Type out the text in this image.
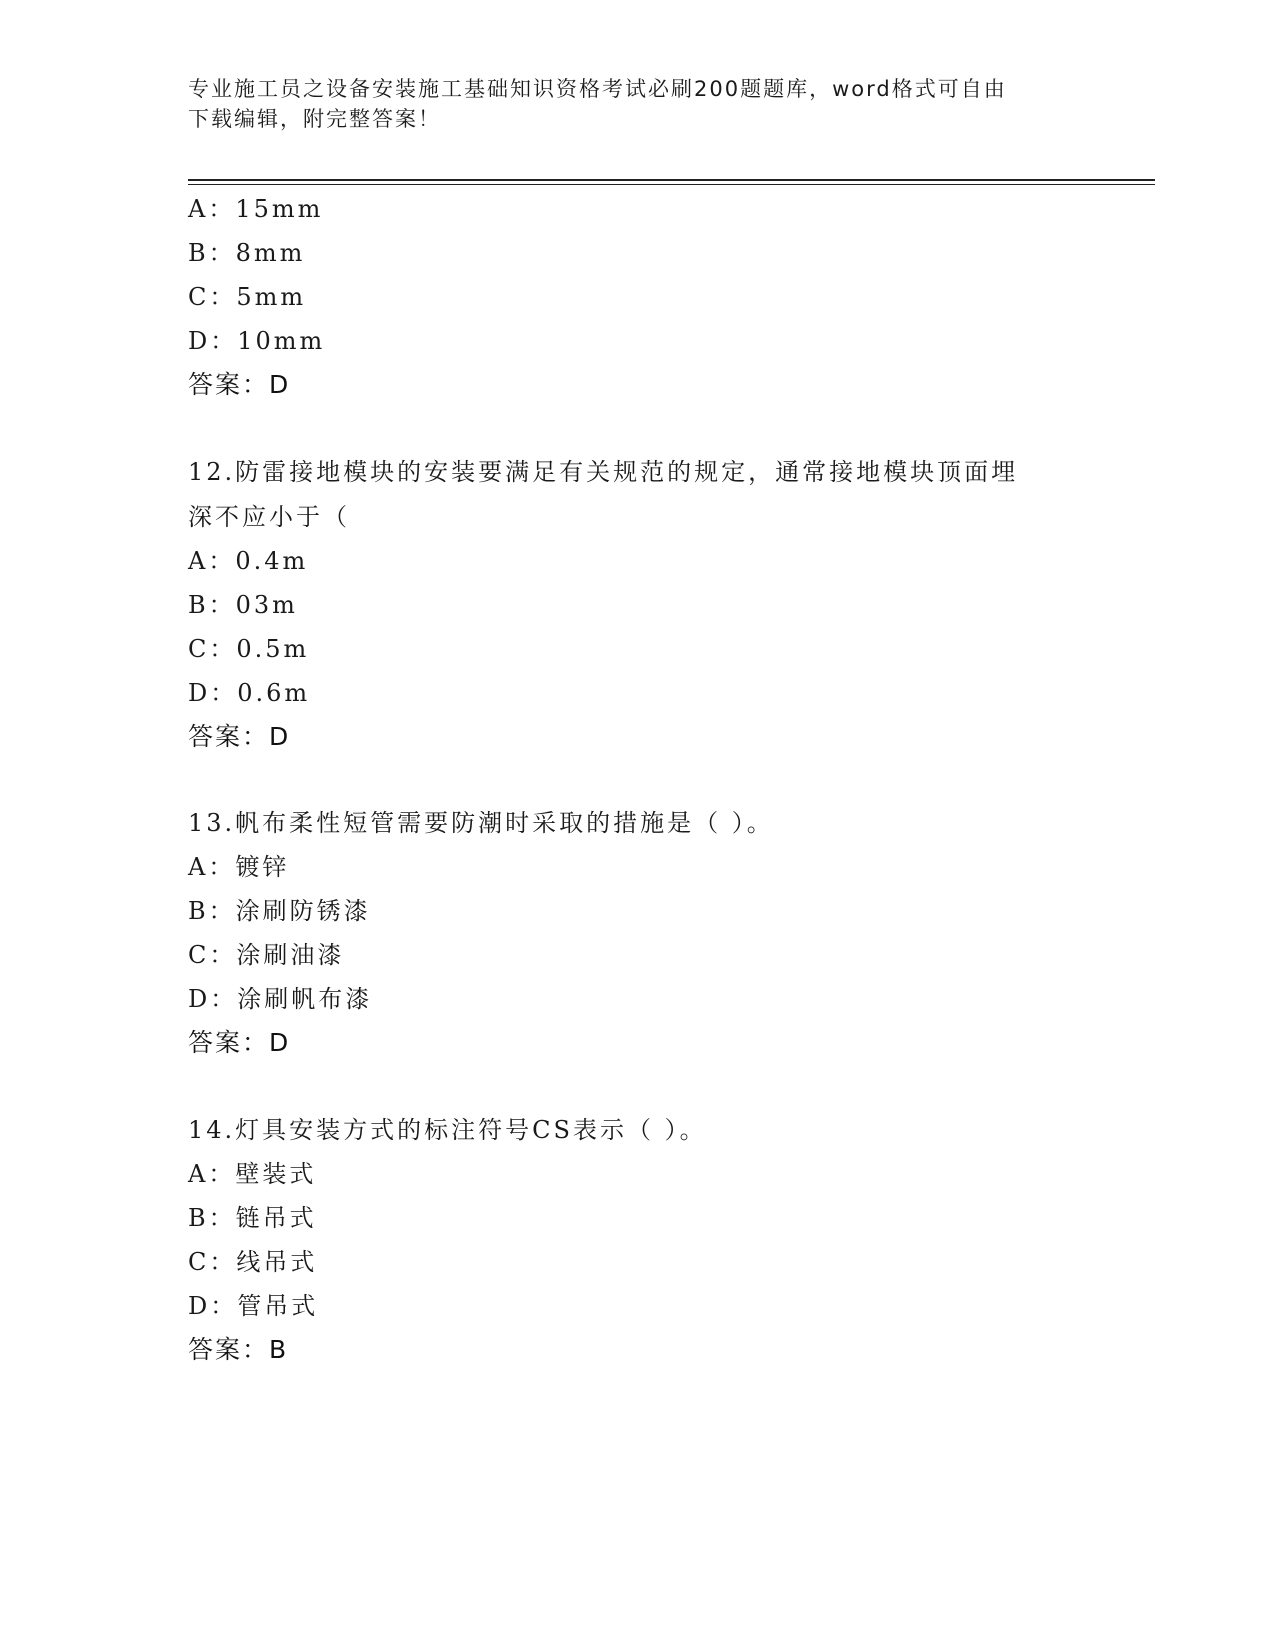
专业施工员之设备安装施工基础知识资格考试必刷200题题库，word格式可自由
下载编辑，附完整答案！
A：15mm
B：8mm
C：5mm
D：10mm
答案：D
12.防雷接地模块的安装要满足有关规范的规定，通常接地模块顶面埋
深不应小于（
A：0.4m
B：03m
C：0.5m
D：0.6m
答案：D
13.帆布柔性短管需要防潮时采取的措施是（ ）。
A：镀锌
B：涂刷防锈漆
C：涂刷油漆
D：涂刷帆布漆
答案：D
14.灯具安装方式的标注符号CS表示（ ）。
A：壁装式
B：链吊式
C：线吊式
D：管吊式
答案：B
